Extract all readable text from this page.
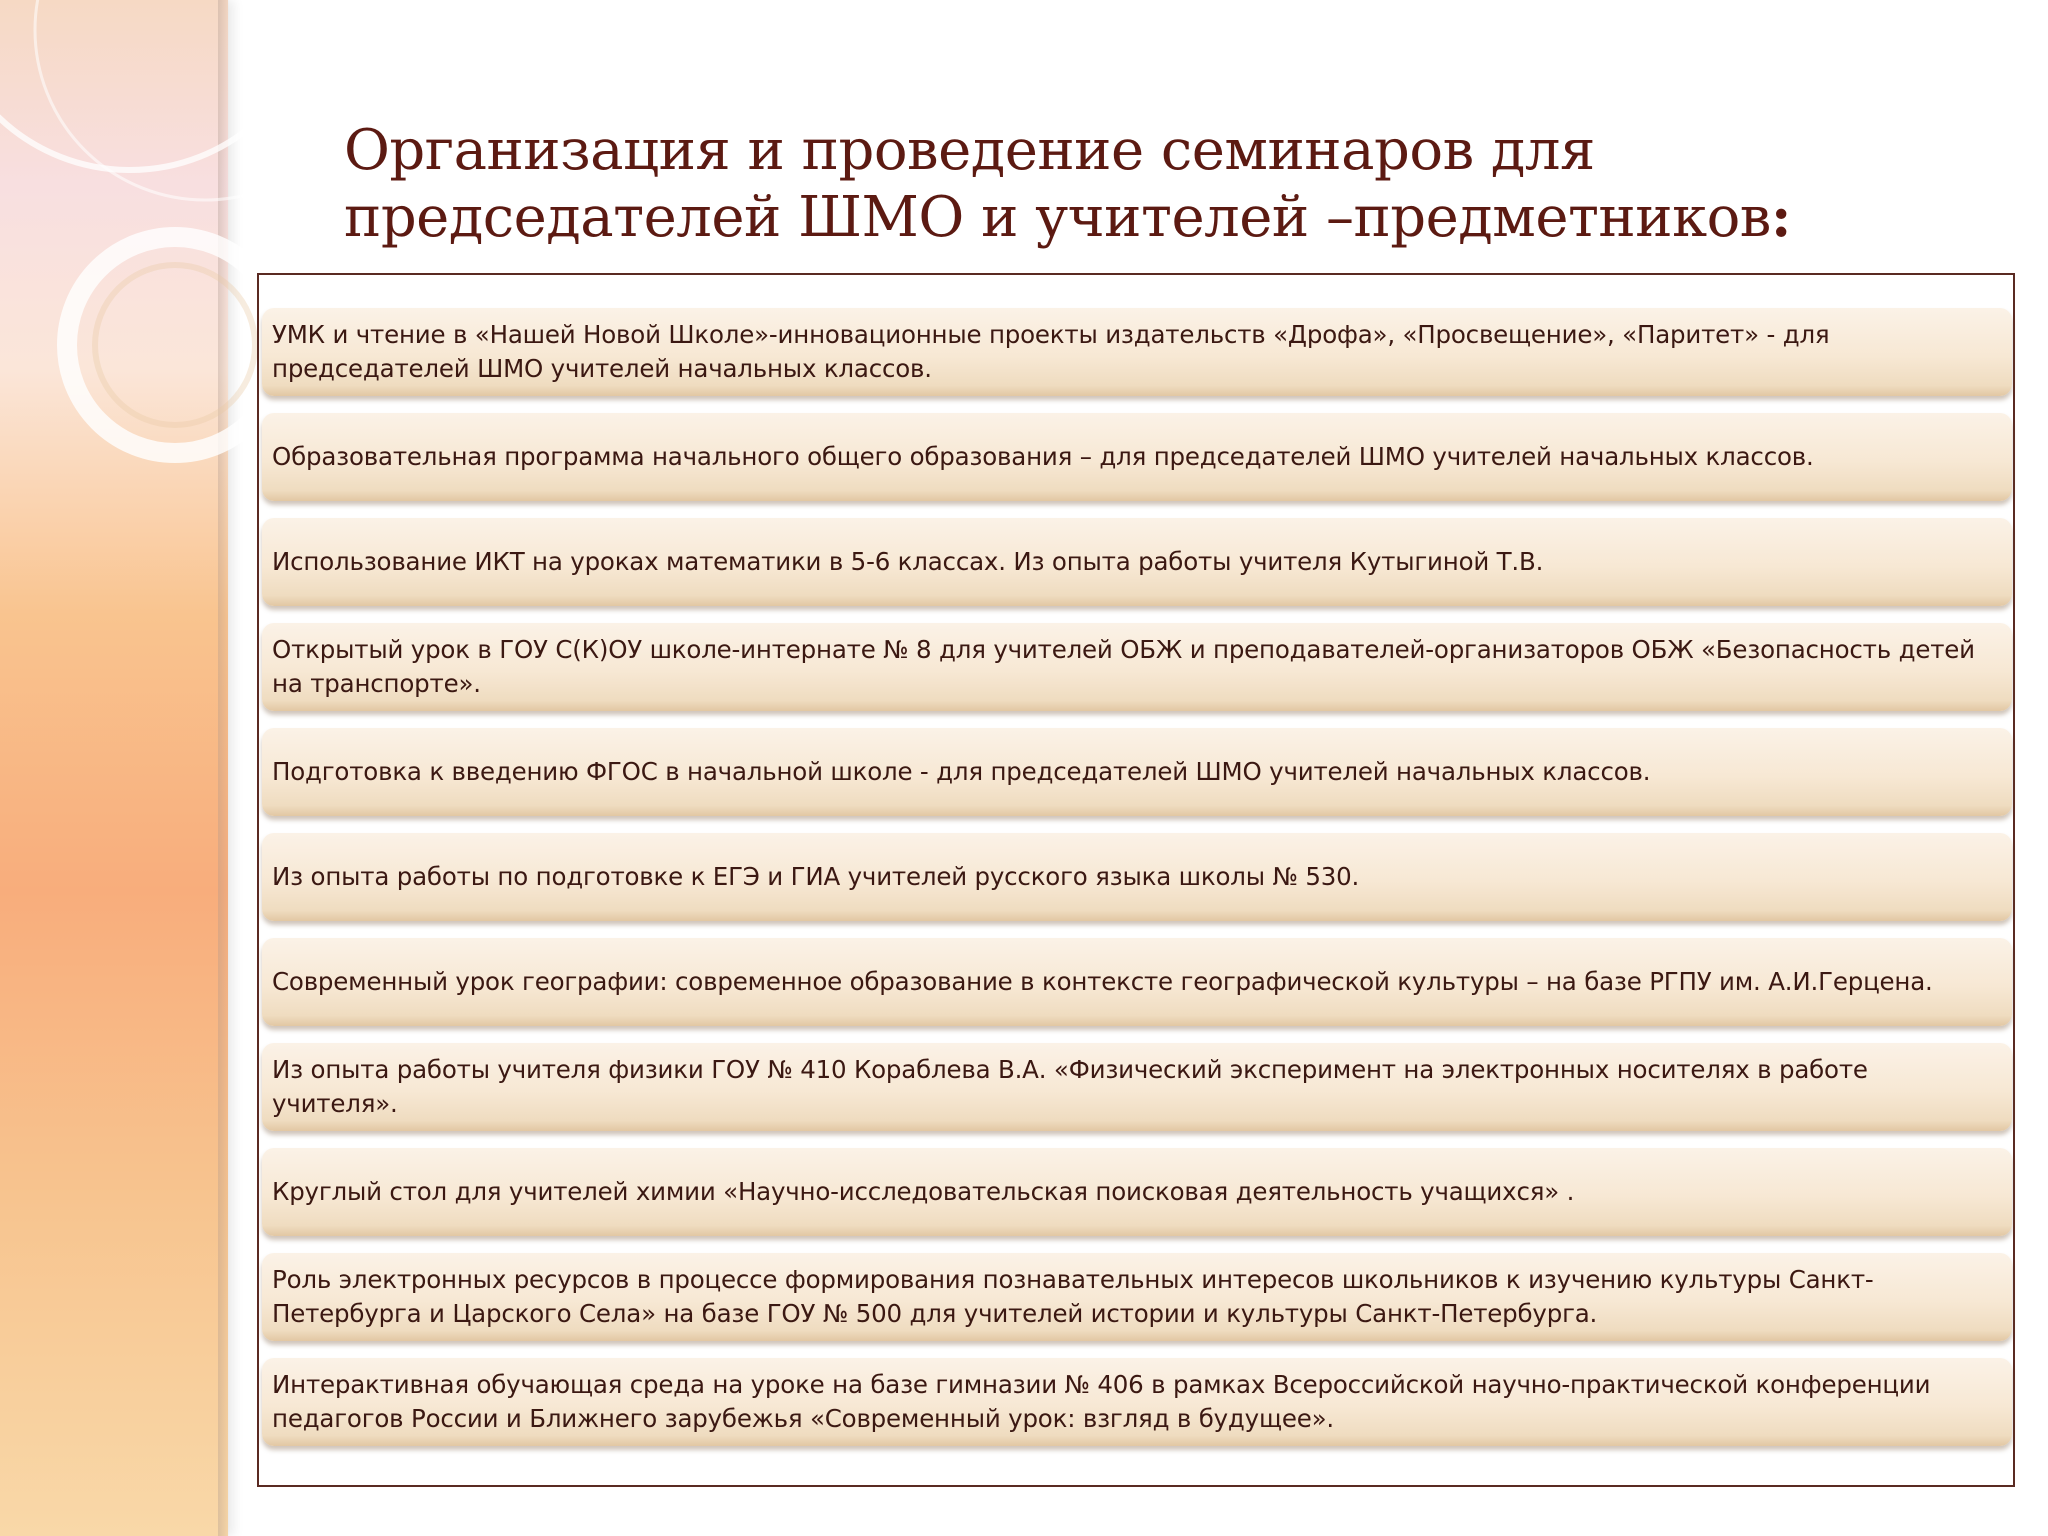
Организация и проведение семинаров для председателей ШМО и учителей –предметников:
УМК и чтение в «Нашей Новой Школе»-инновационные проекты издательств «Дрофа», «Просвещение», «Паритет» - для председателей ШМО учителей начальных классов.
Образовательная программа начального общего образования – для председателей ШМО учителей начальных классов.
Использование ИКТ на уроках математики в 5-6 классах. Из опыта работы учителя Кутыгиной Т.В.
Открытый урок в ГОУ С(К)ОУ школе-интернате № 8 для учителей ОБЖ и преподавателей-организаторов ОБЖ «Безопасность детей на транспорте».
Подготовка к введению ФГОС в начальной школе - для председателей ШМО учителей начальных классов.
Из опыта работы по подготовке к ЕГЭ и ГИА учителей русского языка школы № 530.
Современный урок географии: современное образование в контексте географической культуры – на базе РГПУ им. А.И.Герцена.
Из опыта работы учителя физики ГОУ № 410 Кораблева В.А. «Физический эксперимент на электронных носителях в работе учителя».
Круглый стол для учителей химии «Научно-исследовательская поисковая деятельность учащихся» .
Роль электронных ресурсов в процессе формирования познавательных интересов школьников к изучению культуры Санкт-Петербурга и Царского Села» на базе ГОУ № 500 для учителей истории и культуры Санкт-Петербурга.
Интерактивная обучающая среда на уроке на базе гимназии № 406 в рамках Всероссийской научно-практической конференции педагогов России и Ближнего зарубежья «Современный урок: взгляд в будущее».
